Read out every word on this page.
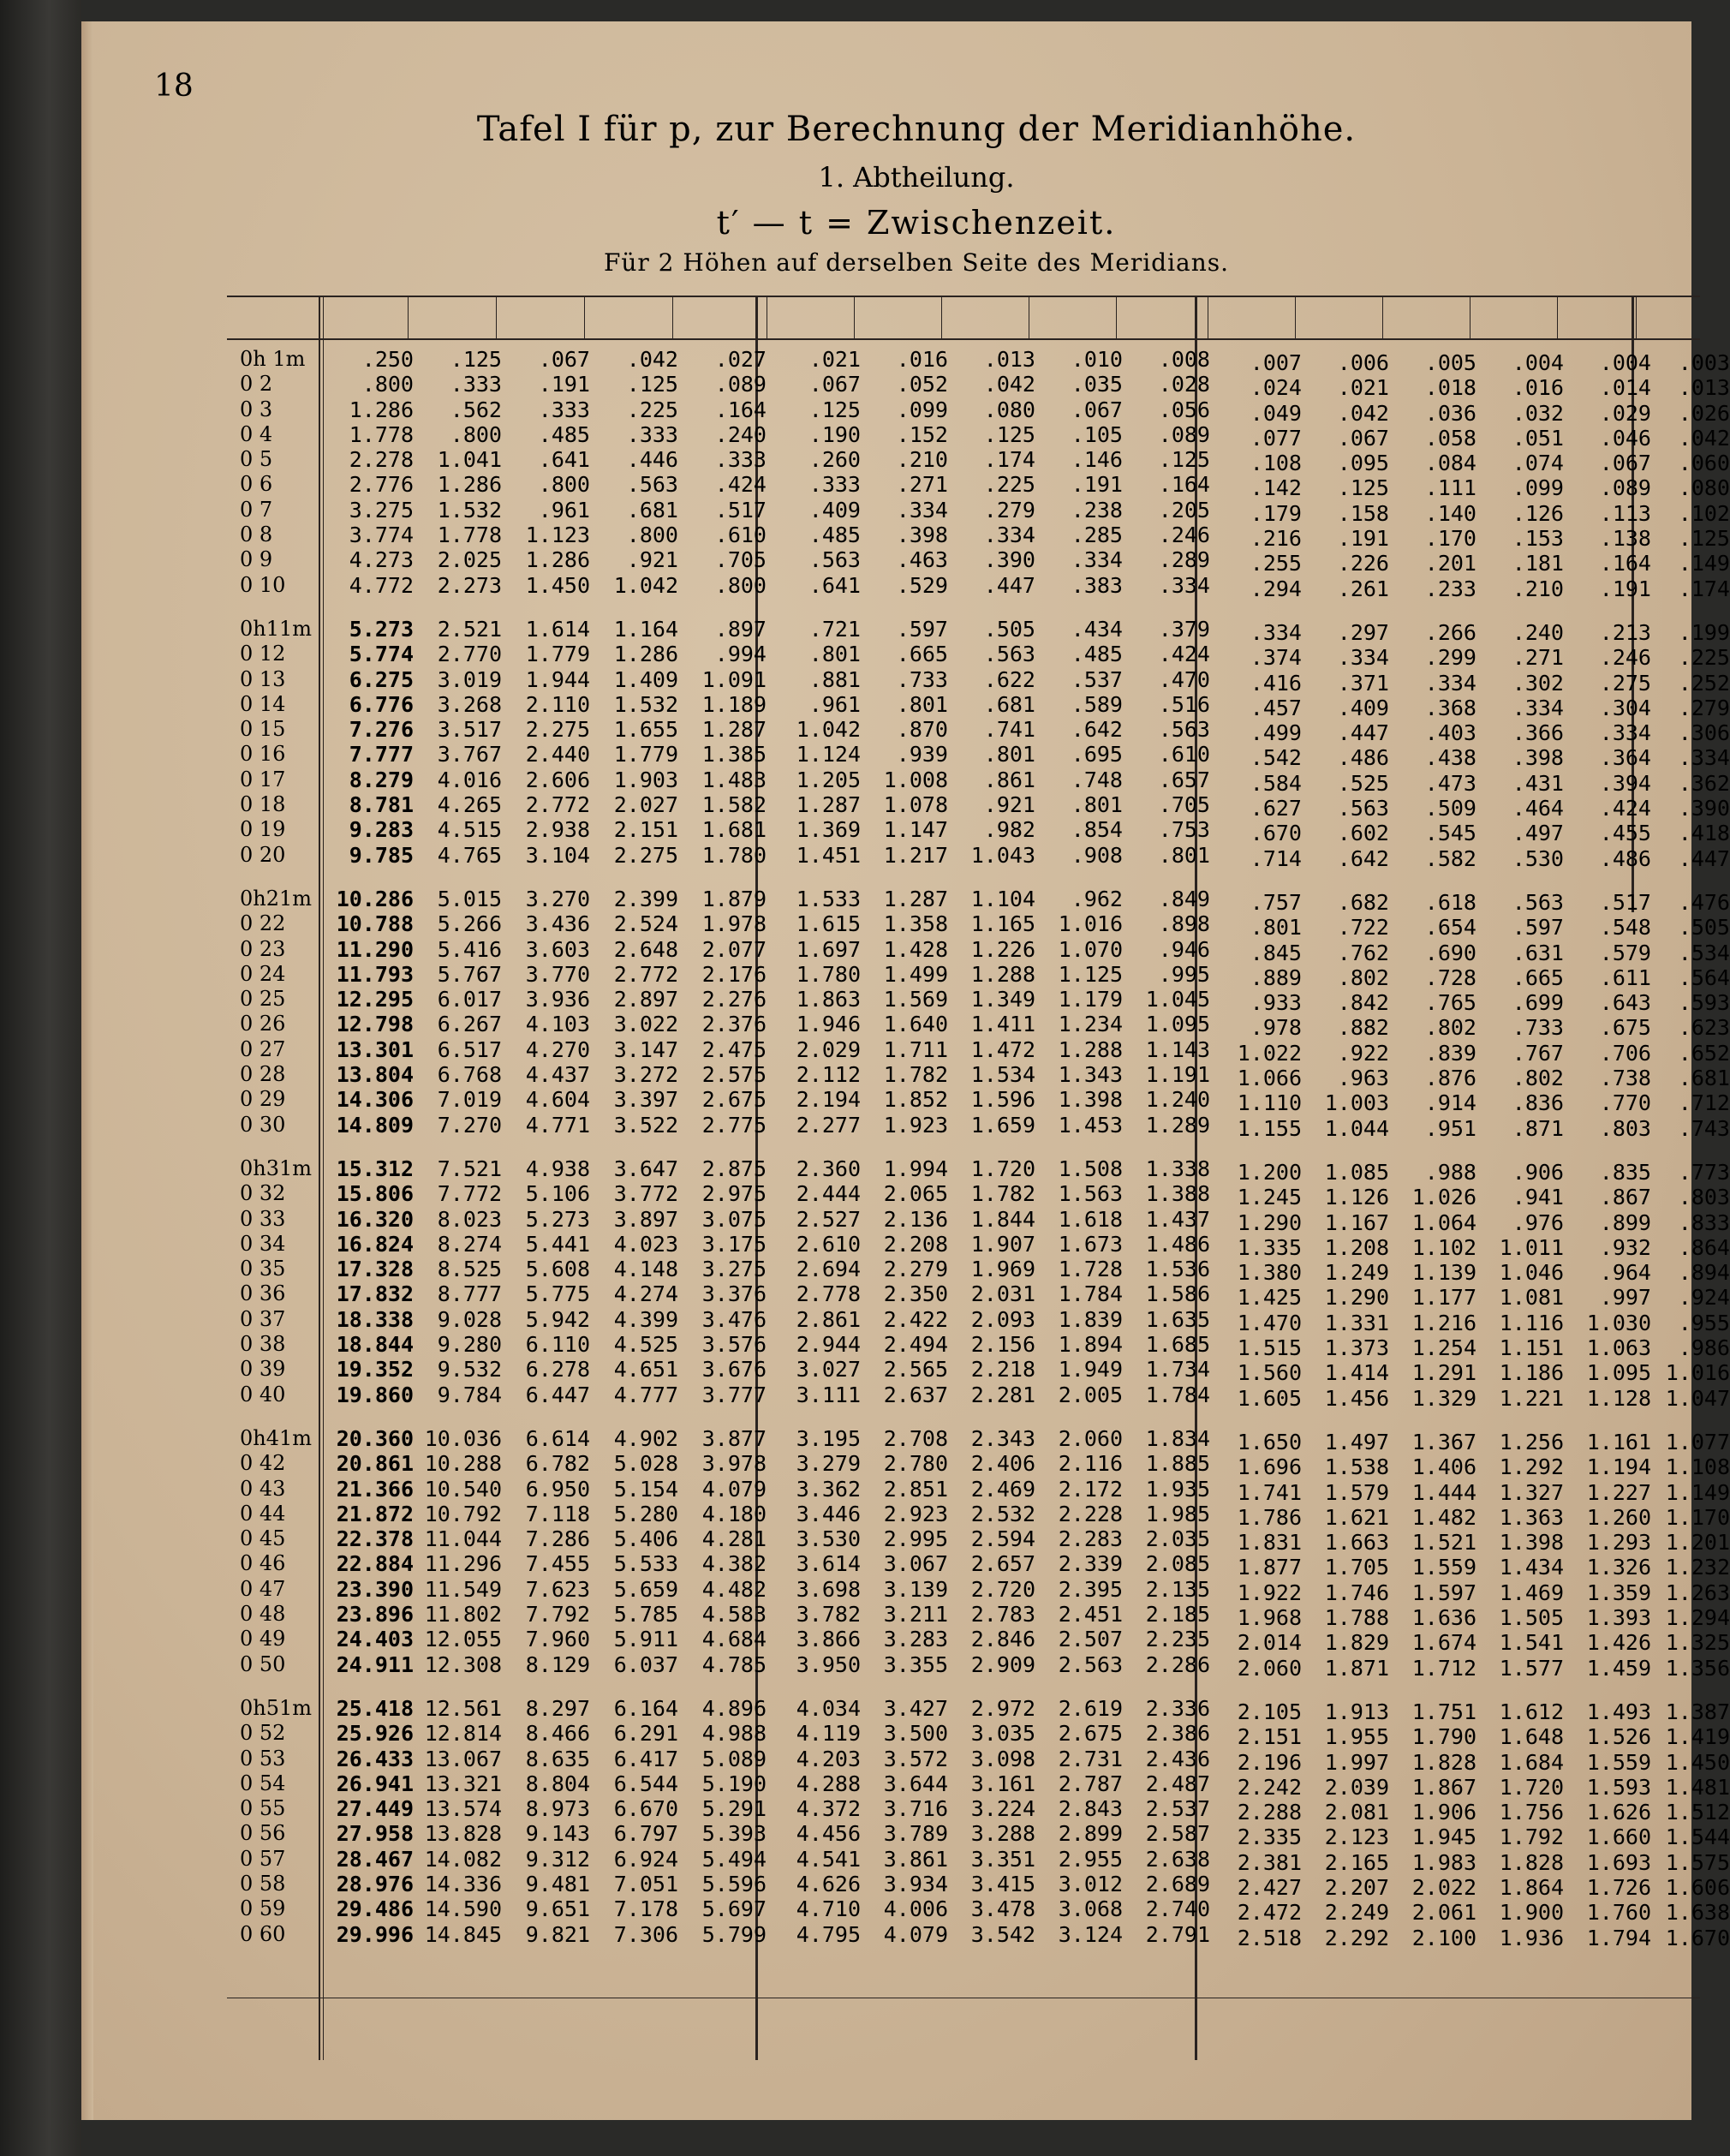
18
Tafel I für p, zur Berechnung der Meridianhöhe.
1. Abtheilung.
t′ — t = Zwischenzeit.
Für 2 Höhen auf derselben Seite des Meridians.
0h 1m
0 2
0 3
0 4
0 5
0 6
0 7
0 8
0 9
0 10
.250
.800
1.286
1.778
2.278
2.776
3.275
3.774
4.273
4.772
.125
.333
.562
.800
1.041
1.286
1.532
1.778
2.025
2.273
.067
.191
.333
.485
.641
.800
.961
1.123
1.286
1.450
.042
.125
.225
.333
.446
.563
.681
.800
.921
1.042
.027
.089
.164
.240
.333
.424
.517
.610
.705
.800
.021
.067
.125
.190
.260
.333
.409
.485
.563
.641
.016
.052
.099
.152
.210
.271
.334
.398
.463
.529
.013
.042
.080
.125
.174
.225
.279
.334
.390
.447
.010
.035
.067
.105
.146
.191
.238
.285
.334
.383
.008
.028
.056
.089
.125
.164
.205
.246
.289
.334
.007
.024
.049
.077
.108
.142
.179
.216
.255
.294
.006
.021
.042
.067
.095
.125
.158
.191
.226
.261
.005
.018
.036
.058
.084
.111
.140
.170
.201
.233
.004
.016
.032
.051
.074
.099
.126
.153
.181
.210
.004
.014
.029
.046
.067
.089
.113
.138
.164
.191
.003
.013
.026
.042
.060
.080
.102
.125
.149
.174
0h11m
0 12
0 13
0 14
0 15
0 16
0 17
0 18
0 19
0 20
5.273
5.774
6.275
6.776
7.276
7.777
8.279
8.781
9.283
9.785
2.521
2.770
3.019
3.268
3.517
3.767
4.016
4.265
4.515
4.765
1.614
1.779
1.944
2.110
2.275
2.440
2.606
2.772
2.938
3.104
1.164
1.286
1.409
1.532
1.655
1.779
1.903
2.027
2.151
2.275
.897
.994
1.091
1.189
1.287
1.385
1.483
1.582
1.681
1.780
.721
.801
.881
.961
1.042
1.124
1.205
1.287
1.369
1.451
.597
.665
.733
.801
.870
.939
1.008
1.078
1.147
1.217
.505
.563
.622
.681
.741
.801
.861
.921
.982
1.043
.434
.485
.537
.589
.642
.695
.748
.801
.854
.908
.379
.424
.470
.516
.563
.610
.657
.705
.753
.801
.334
.374
.416
.457
.499
.542
.584
.627
.670
.714
.297
.334
.371
.409
.447
.486
.525
.563
.602
.642
.266
.299
.334
.368
.403
.438
.473
.509
.545
.582
.240
.271
.302
.334
.366
.398
.431
.464
.497
.530
.213
.246
.275
.304
.334
.364
.394
.424
.455
.486
.199
.225
.252
.279
.306
.334
.362
.390
.418
.447
0h21m
0 22
0 23
0 24
0 25
0 26
0 27
0 28
0 29
0 30
10.286
10.788
11.290
11.793
12.295
12.798
13.301
13.804
14.306
14.809
5.015
5.266
5.416
5.767
6.017
6.267
6.517
6.768
7.019
7.270
3.270
3.436
3.603
3.770
3.936
4.103
4.270
4.437
4.604
4.771
2.399
2.524
2.648
2.772
2.897
3.022
3.147
3.272
3.397
3.522
1.879
1.978
2.077
2.176
2.276
2.376
2.475
2.575
2.675
2.775
1.533
1.615
1.697
1.780
1.863
1.946
2.029
2.112
2.194
2.277
1.287
1.358
1.428
1.499
1.569
1.640
1.711
1.782
1.852
1.923
1.104
1.165
1.226
1.288
1.349
1.411
1.472
1.534
1.596
1.659
.962
1.016
1.070
1.125
1.179
1.234
1.288
1.343
1.398
1.453
.849
.898
.946
.995
1.045
1.095
1.143
1.191
1.240
1.289
.757
.801
.845
.889
.933
.978
1.022
1.066
1.110
1.155
.682
.722
.762
.802
.842
.882
.922
.963
1.003
1.044
.618
.654
.690
.728
.765
.802
.839
.876
.914
.951
.563
.597
.631
.665
.699
.733
.767
.802
.836
.871
.517
.548
.579
.611
.643
.675
.706
.738
.770
.803
.476
.505
.534
.564
.593
.623
.652
.681
.712
.743
0h31m
0 32
0 33
0 34
0 35
0 36
0 37
0 38
0 39
0 40
15.312
15.806
16.320
16.824
17.328
17.832
18.338
18.844
19.352
19.860
7.521
7.772
8.023
8.274
8.525
8.777
9.028
9.280
9.532
9.784
4.938
5.106
5.273
5.441
5.608
5.775
5.942
6.110
6.278
6.447
3.647
3.772
3.897
4.023
4.148
4.274
4.399
4.525
4.651
4.777
2.875
2.975
3.075
3.175
3.275
3.376
3.476
3.576
3.676
3.777
2.360
2.444
2.527
2.610
2.694
2.778
2.861
2.944
3.027
3.111
1.994
2.065
2.136
2.208
2.279
2.350
2.422
2.494
2.565
2.637
1.720
1.782
1.844
1.907
1.969
2.031
2.093
2.156
2.218
2.281
1.508
1.563
1.618
1.673
1.728
1.784
1.839
1.894
1.949
2.005
1.338
1.388
1.437
1.486
1.536
1.586
1.635
1.685
1.734
1.784
1.200
1.245
1.290
1.335
1.380
1.425
1.470
1.515
1.560
1.605
1.085
1.126
1.167
1.208
1.249
1.290
1.331
1.373
1.414
1.456
.988
1.026
1.064
1.102
1.139
1.177
1.216
1.254
1.291
1.329
.906
.941
.976
1.011
1.046
1.081
1.116
1.151
1.186
1.221
.835
.867
.899
.932
.964
.997
1.030
1.063
1.095
1.128
.773
.803
.833
.864
.894
.924
.955
.986
1.016
1.047
0h41m
0 42
0 43
0 44
0 45
0 46
0 47
0 48
0 49
0 50
20.360
20.861
21.366
21.872
22.378
22.884
23.390
23.896
24.403
24.911
10.036
10.288
10.540
10.792
11.044
11.296
11.549
11.802
12.055
12.308
6.614
6.782
6.950
7.118
7.286
7.455
7.623
7.792
7.960
8.129
4.902
5.028
5.154
5.280
5.406
5.533
5.659
5.785
5.911
6.037
3.877
3.978
4.079
4.180
4.281
4.382
4.482
4.583
4.684
4.785
3.195
3.279
3.362
3.446
3.530
3.614
3.698
3.782
3.866
3.950
2.708
2.780
2.851
2.923
2.995
3.067
3.139
3.211
3.283
3.355
2.343
2.406
2.469
2.532
2.594
2.657
2.720
2.783
2.846
2.909
2.060
2.116
2.172
2.228
2.283
2.339
2.395
2.451
2.507
2.563
1.834
1.885
1.935
1.985
2.035
2.085
2.135
2.185
2.235
2.286
1.650
1.696
1.741
1.786
1.831
1.877
1.922
1.968
2.014
2.060
1.497
1.538
1.579
1.621
1.663
1.705
1.746
1.788
1.829
1.871
1.367
1.406
1.444
1.482
1.521
1.559
1.597
1.636
1.674
1.712
1.256
1.292
1.327
1.363
1.398
1.434
1.469
1.505
1.541
1.577
1.161
1.194
1.227
1.260
1.293
1.326
1.359
1.393
1.426
1.459
1.077
1.108
1.149
1.170
1.201
1.232
1.263
1.294
1.325
1.356
0h51m
0 52
0 53
0 54
0 55
0 56
0 57
0 58
0 59
0 60
25.418
25.926
26.433
26.941
27.449
27.958
28.467
28.976
29.486
29.996
12.561
12.814
13.067
13.321
13.574
13.828
14.082
14.336
14.590
14.845
8.297
8.466
8.635
8.804
8.973
9.143
9.312
9.481
9.651
9.821
6.164
6.291
6.417
6.544
6.670
6.797
6.924
7.051
7.178
7.306
4.896
4.988
5.089
5.190
5.291
5.393
5.494
5.596
5.697
5.799
4.034
4.119
4.203
4.288
4.372
4.456
4.541
4.626
4.710
4.795
3.427
3.500
3.572
3.644
3.716
3.789
3.861
3.934
4.006
4.079
2.972
3.035
3.098
3.161
3.224
3.288
3.351
3.415
3.478
3.542
2.619
2.675
2.731
2.787
2.843
2.899
2.955
3.012
3.068
3.124
2.336
2.386
2.436
2.487
2.537
2.587
2.638
2.689
2.740
2.791
2.105
2.151
2.196
2.242
2.288
2.335
2.381
2.427
2.472
2.518
1.913
1.955
1.997
2.039
2.081
2.123
2.165
2.207
2.249
2.292
1.751
1.790
1.828
1.867
1.906
1.945
1.983
2.022
2.061
2.100
1.612
1.648
1.684
1.720
1.756
1.792
1.828
1.864
1.900
1.936
1.493
1.526
1.559
1.593
1.626
1.660
1.693
1.726
1.760
1.794
1.387
1.419
1.450
1.481
1.512
1.544
1.575
1.606
1.638
1.670
